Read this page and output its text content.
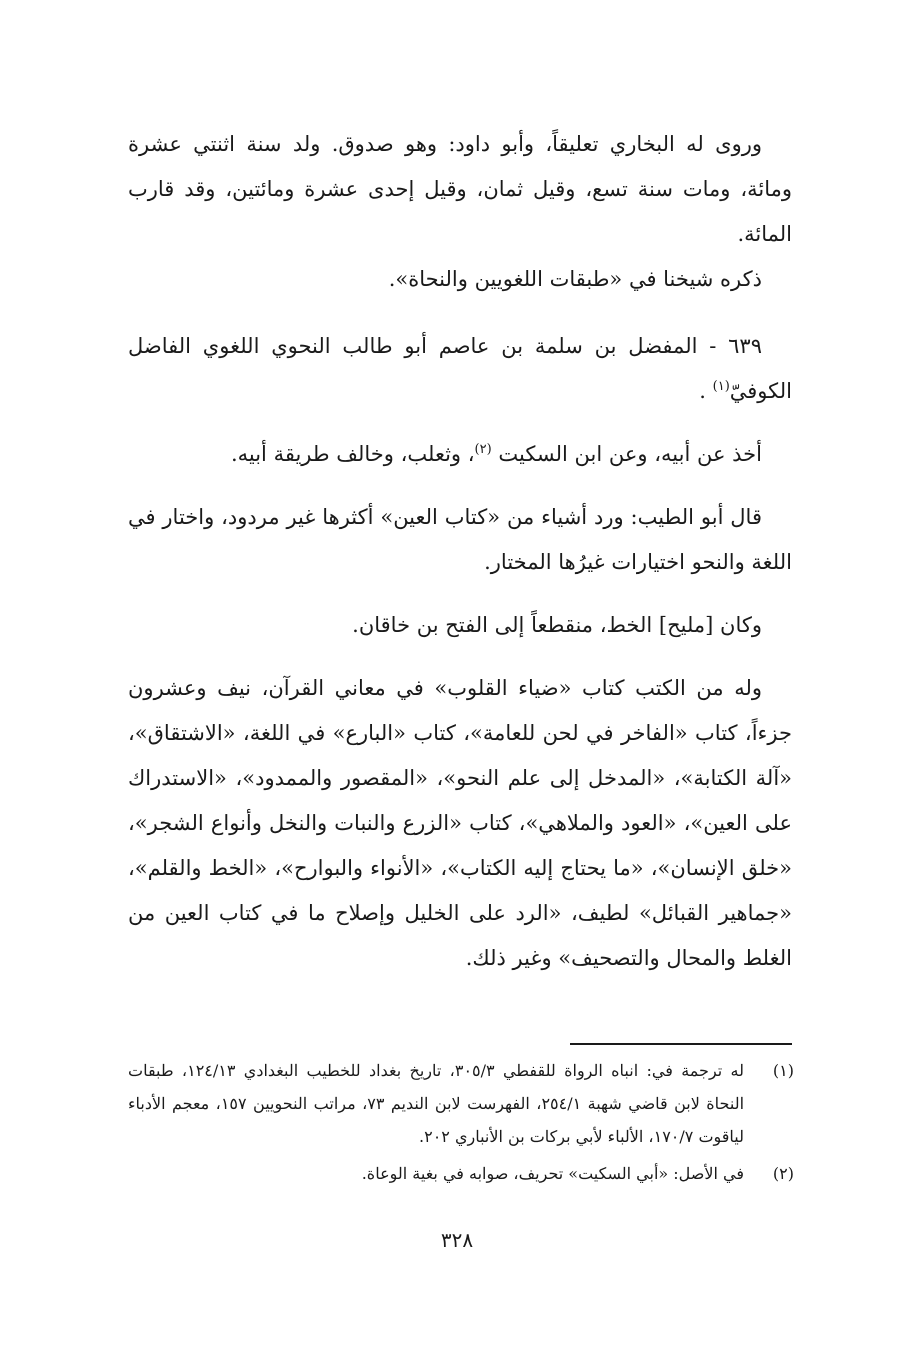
وروى له البخاري تعليقاً، وأبو داود: وهو صدوق. ولد سنة اثنتي عشرة ومائة، ومات سنة تسع، وقيل ثمان، وقيل إحدى عشرة ومائتين، وقد قارب المائة.

ذكره شيخنا في «طبقات اللغويين والنحاة».

٦٣٩ - المفضل بن سلمة بن عاصم أبو طالب النحوي اللغوي الفاضل الكوفيّ$^{(١)}$ .

أخذ عن أبيه، وعن ابن السكيت $^{(٢)}$، وثعلب، وخالف طريقة أبيه.

قال أبو الطيب: ورد أشياء من «كتاب العين» أكثرها غير مردود، واختار في اللغة والنحو اختيارات غيرُها المختار.

وكان [مليح] الخط، منقطعاً إلى الفتح بن خاقان.

وله من الكتب كتاب «ضياء القلوب» في معاني القرآن، نيف وعشرون جزءاً، كتاب «الفاخر في لحن للعامة»، كتاب «البارع» في اللغة، «الاشتقاق»، «آلة الكتابة»، «المدخل إلى علم النحو»، «المقصور والممدود»، «الاستدراك على العين»، «العود والملاهي»، كتاب «الزرع والنبات والنخل وأنواع الشجر»، «خلق الإنسان»، «ما يحتاج إليه الكتاب»، «الأنواء والبوارح»، «الخط والقلم»، «جماهير القبائل» لطيف، «الرد على الخليل وإصلاح ما في كتاب العين من الغلط والمحال والتصحيف» وغير ذلك.

(١)
له ترجمة في: انباه الرواة للقفطي ٣٠٥/٣، تاريخ بغداد للخطيب البغدادي ١٢٤/١٣، طبقات النحاة لابن قاضي شهبة ٢٥٤/١، الفهرست لابن النديم ٧٣، مراتب النحويين ١٥٧، معجم الأدباء لياقوت ١٧٠/٧، الألباء لأبي بركات بن الأنباري ٢٠٢.
(٢)
في الأصل: «أبي السكيت» تحريف، صوابه في بغية الوعاة.
٣٢٨
